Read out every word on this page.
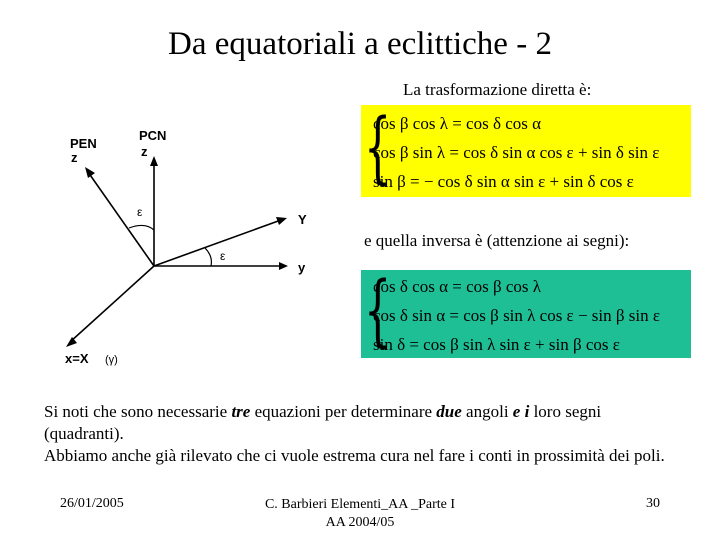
Da equatoriali a eclittiche - 2
PEN
z
PCN
z
ε
ε
Y
y
x=X (γ)
La trasformazione diretta è:
{
cos β cos λ = cos δ cos α
cos β sin λ = cos δ sin α cos ε + sin δ sin ε
sin β = − cos δ sin α sin ε + sin δ cos ε
e quella inversa è (attenzione ai segni):
{
cos δ cos α = cos β cos λ
cos δ sin α = cos β sin λ cos ε − sin β sin ε
sin δ = cos β sin λ sin ε + sin β cos ε
Si noti che sono necessarie tre equazioni per determinare due angoli e i loro segni (quadranti).
Abbiamo anche già rilevato che ci vuole estrema cura nel fare i conti in prossimità dei poli.
26/01/2005	C. Barbieri Elementi_AA _Parte I
AA 2004/05
30
